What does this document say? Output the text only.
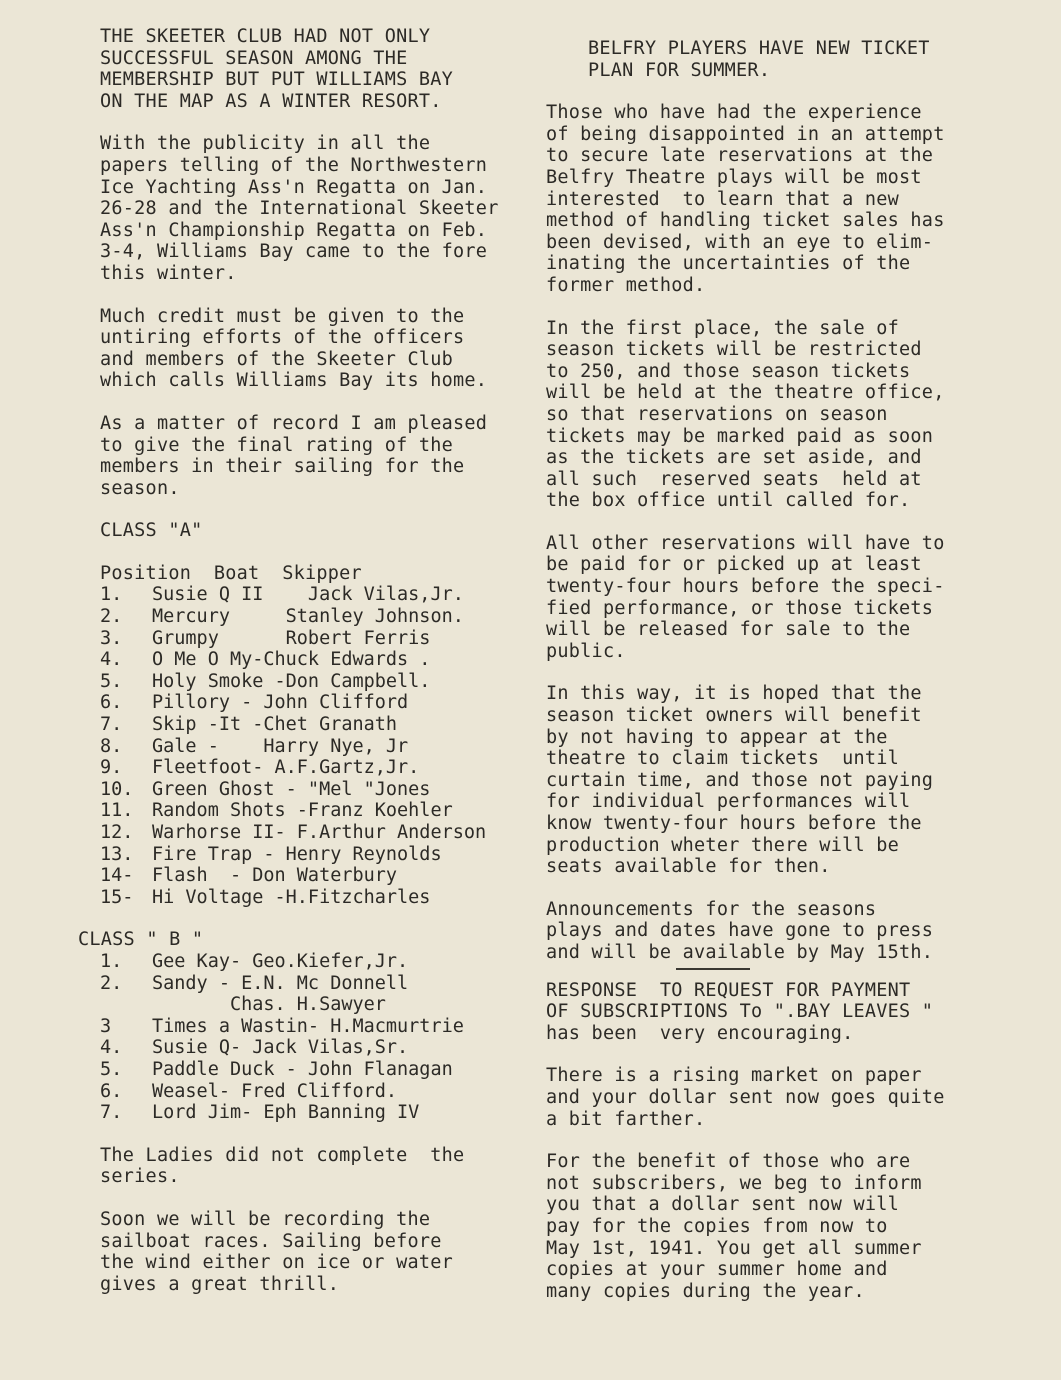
THE SKEETER CLUB HAD NOT ONLY
SUCCESSFUL SEASON AMONG THE
MEMBERSHIP BUT PUT WILLIAMS BAY
ON THE MAP AS A WINTER RESORT.
With the publicity in all the
papers telling of the Northwestern
Ice Yachting Ass'n Regatta on Jan.
26-28 and the International Skeeter
Ass'n Championship Regatta on Feb.
3-4, Williams Bay came to the fore
this winter.
Much credit must be given to the
untiring efforts of the officers
and members of the Skeeter Club
which calls Williams Bay its home.
As a matter of record I am pleased
to give the final rating of the
members in their sailing for the
season.
CLASS "A"
Position  Boat  Skipper
1.	Susie Q II    Jack Vilas,Jr.
2.	Mercury     Stanley Johnson.
3.	Grumpy      Robert Ferris
4.	O Me O My-Chuck Edwards .
5.	Holy Smoke -Don Campbell.
6.	Pillory - John Clifford
7.	Skip -It -Chet Granath
8.	Gale -    Harry Nye, Jr
9.	Fleetfoot- A.F.Gartz,Jr.
10.	Green Ghost - "Mel "Jones
11.	Random Shots -Franz Koehler
12.	Warhorse II- F.Arthur Anderson
13.	Fire Trap - Henry Reynolds
14-	Flash  - Don Waterbury
15-	Hi Voltage -H.Fitzcharles
CLASS " B "
1.	Gee Kay- Geo.Kiefer,Jr.
2.	Sandy - E.N. Mc Donnell
Chas. H.Sawyer
3	Times a Wastin- H.Macmurtrie
4.	Susie Q- Jack Vilas,Sr.
5.	Paddle Duck - John Flanagan
6.	Weasel- Fred Clifford.
7.	Lord Jim- Eph Banning IV
The Ladies did not complete  the
series.
Soon we will be recording the
sailboat races. Sailing before
the wind either on ice or water
gives a great thrill.
BELFRY PLAYERS HAVE NEW TICKET
PLAN FOR SUMMER.
Those who have had the experience
of being disappointed in an attempt
to secure late reservations at the
Belfry Theatre plays will be most
interested  to learn that a new
method of handling ticket sales has
been devised, with an eye to elim-
inating the uncertainties of the
former method.
In the first place, the sale of
season tickets will be restricted
to 250, and those season tickets
will be held at the theatre office,
so that reservations on season
tickets may be marked paid as soon
as the tickets are set aside, and
all such  reserved seats  held at
the box office until called for.
All other reservations will have to
be paid for or picked up at least
twenty-four hours before the speci-
fied performance, or those tickets
will be released for sale to the
public.
In this way, it is hoped that the
season ticket owners will benefit
by not having to appear at the
theatre to claim tickets  until
curtain time, and those not paying
for individual performances will
know twenty-four hours before the
production wheter there will be
seats available for then.
Announcements for the seasons
plays and dates have gone to press
and will be available by May 15th.
RESPONSE  TO REQUEST FOR PAYMENT
OF SUBSCRIPTIONS To ".BAY LEAVES "
has been  very encouraging.
There is a rising market on paper
and your dollar sent now goes quite
a bit farther.
For the benefit of those who are
not subscribers, we beg to inform
you that a dollar sent now will
pay for the copies from now to
May 1st, 1941. You get all summer
copies at your summer home and
many copies during the year.
